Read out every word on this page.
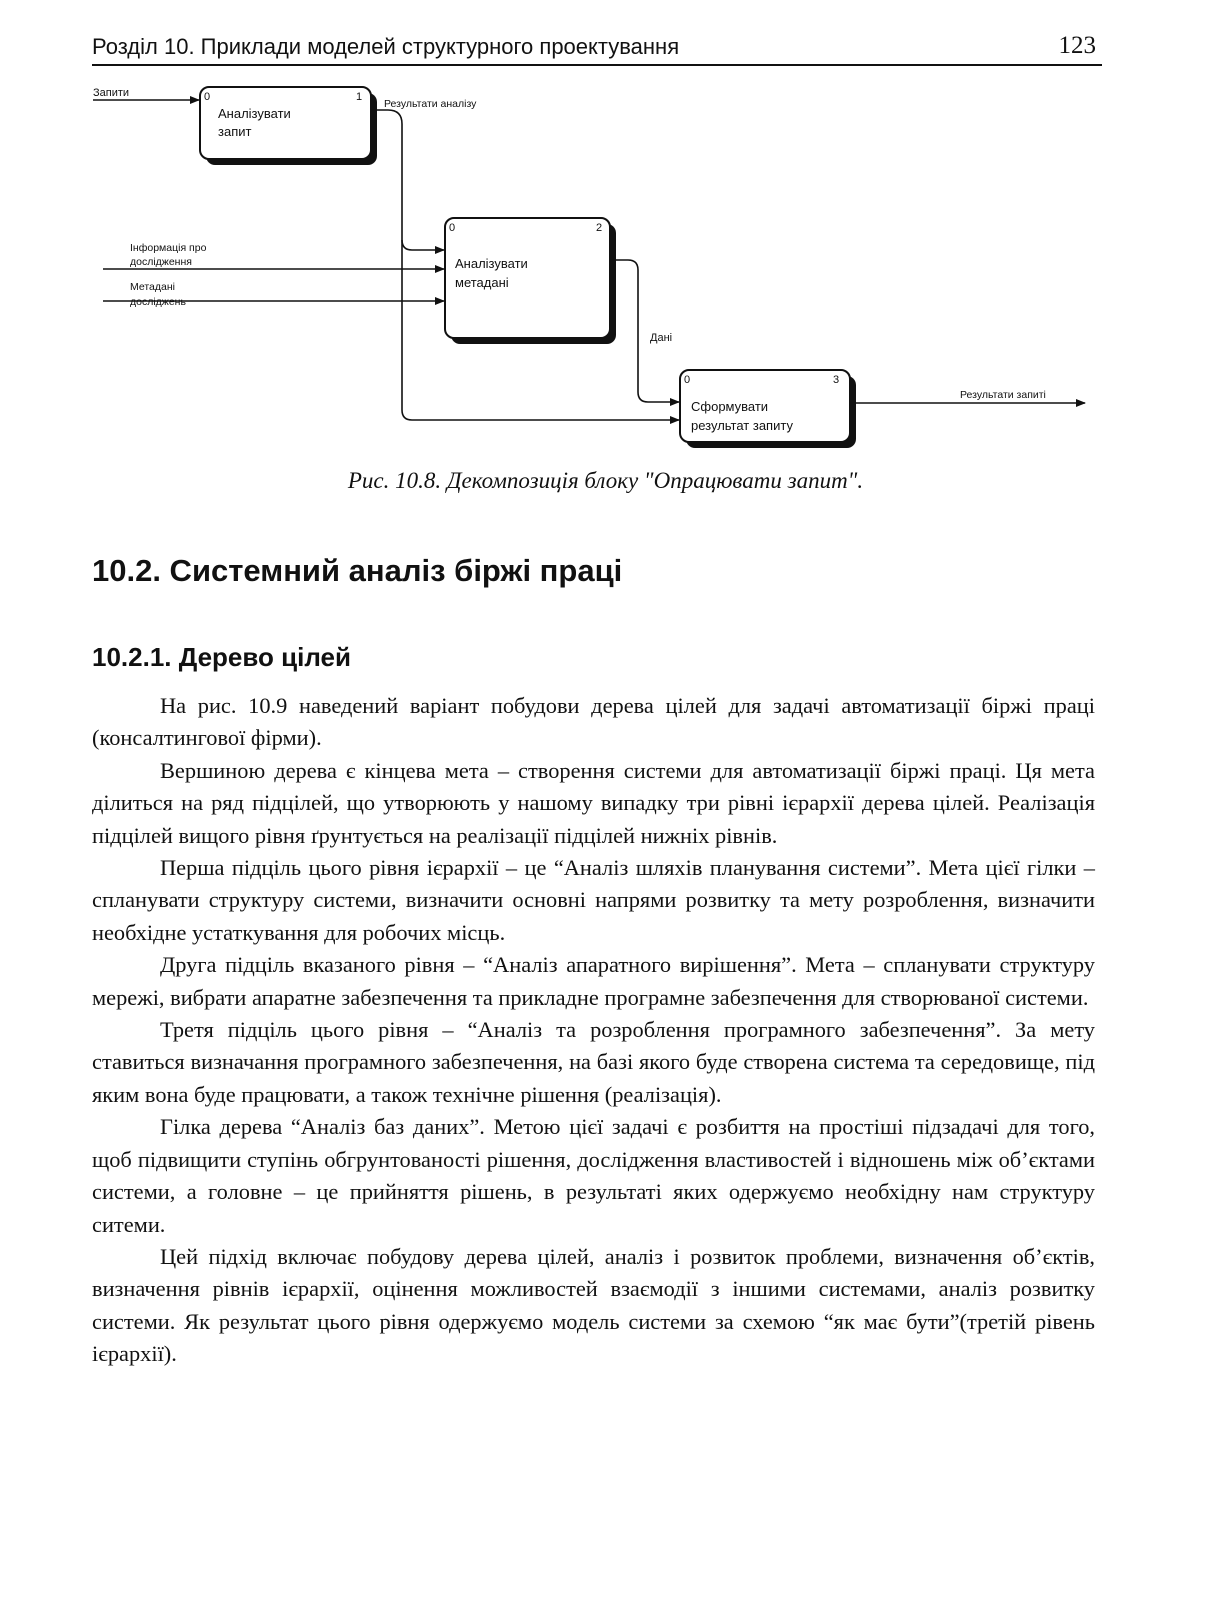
Розділ 10. Приклади моделей структурного проектування	123
0	1
Аналізувати
запит
0	2
Аналізувати
метадані
0	3
Сформувати
результат запиту
Запити
Результати аналізу
Інформація про
дослідження
Метадані
досліджень
Дані
Результати запиті
Рис. 10.8. Декомпозиція блоку "Опрацювати запит".
10.2. Системний аналіз біржі праці
10.2.1. Дерево цілей

На рис. 10.9 наведений варіант побудови дерева цілей для задачі автоматизації біржі праці (консалтингової фірми).

Вершиною дерева є кінцева мета – створення системи для автоматизації біржі праці. Ця мета ділиться на ряд підцілей, що утворюють у нашому випадку три рівні ієрархії дерева цілей. Реалізація підцілей вищого рівня ґрунтується на реалізації підцілей нижніх рівнів.

Перша підціль цього рівня ієрархії – це “Аналіз шляхів планування системи”. Мета цієї гілки – спланувати структуру системи, визначити основні напрями розвитку та мету розроблення, визначити необхідне устаткування для робочих місць.

Друга підціль вказаного рівня – “Аналіз апаратного вирішення”. Мета – спланувати структуру мережі, вибрати апаратне забезпечення та прикладне програмне забезпечення для створюваної системи.

Третя підціль цього рівня – “Аналіз та розроблення програмного забезпечення”. За мету ставиться визначання програмного забезпечення, на базі якого буде створена система та середовище, під яким вона буде працювати, а також технічне рішення (реалізація).

Гілка дерева “Аналіз баз даних”. Метою цієї задачі є розбиття на простіші підзадачі для того, щоб підвищити ступінь обгрунтованості рішення, дослідження властивостей і відношень між об’єктами системи, а головне – це прийняття рішень, в результаті яких одержуємо необхідну нам структуру ситеми.

Цей підхід включає побудову дерева цілей, аналіз і розвиток проблеми, визначення об’єктів, визначення рівнів ієрархії, оцінення можливостей взаємодії з іншими системами, аналіз розвитку системи. Як результат цього рівня одержуємо модель системи за схемою “як має бути”(третій рівень ієрархії).
